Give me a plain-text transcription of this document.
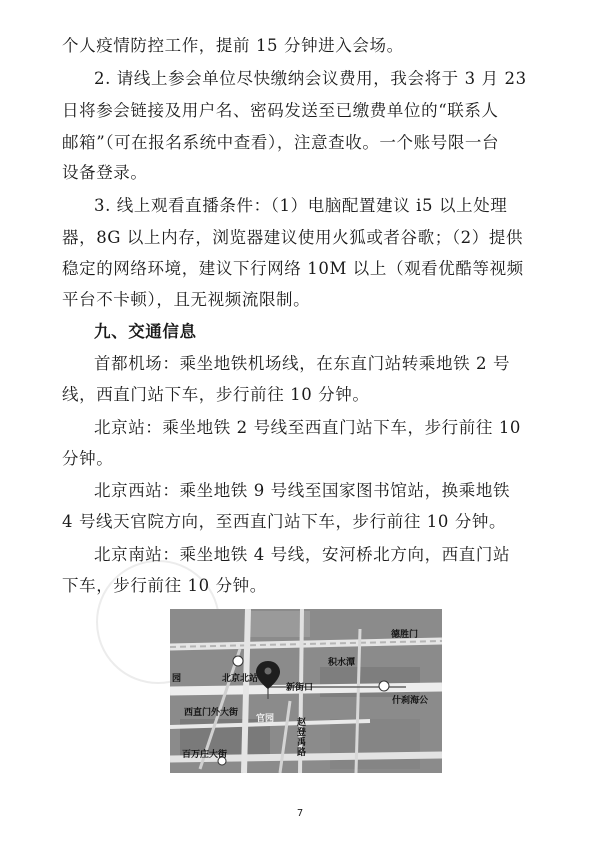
个人疫情防控工作，提前 15 分钟进入会场。
2. 请线上参会单位尽快缴纳会议费用，我会将于 3 月 23
日将参会链接及用户名、密码发送至已缴费单位的“联系人
邮箱”（可在报名系统中查看），注意查收。一个账号限一台
设备登录。
3. 线上观看直播条件：（1）电脑配置建议 i5 以上处理
器，8G 以上内存，浏览器建议使用火狐或者谷歌；（2）提供
稳定的网络环境，建议下行网络 10M 以上（观看优酷等视频
平台不卡顿），且无视频流限制。
九、交通信息
首都机场：乘坐地铁机场线，在东直门站转乘地铁 2 号
线，西直门站下车，步行前往 10 分钟。
北京站：乘坐地铁 2 号线至西直门站下车，步行前往 10
分钟。
北京西站：乘坐地铁 9 号线至国家图书馆站，换乘地铁
4 号线天官院方向，至西直门站下车，步行前往 10 分钟。
北京南站：乘坐地铁 4 号线，安河桥北方向，西直门站
下车，步行前往 10 分钟。
德胜门
北京北站
积水潭
新街口
什刹海公
西直门外大街
官园 赵登禹路
百万庄大街
园
7
